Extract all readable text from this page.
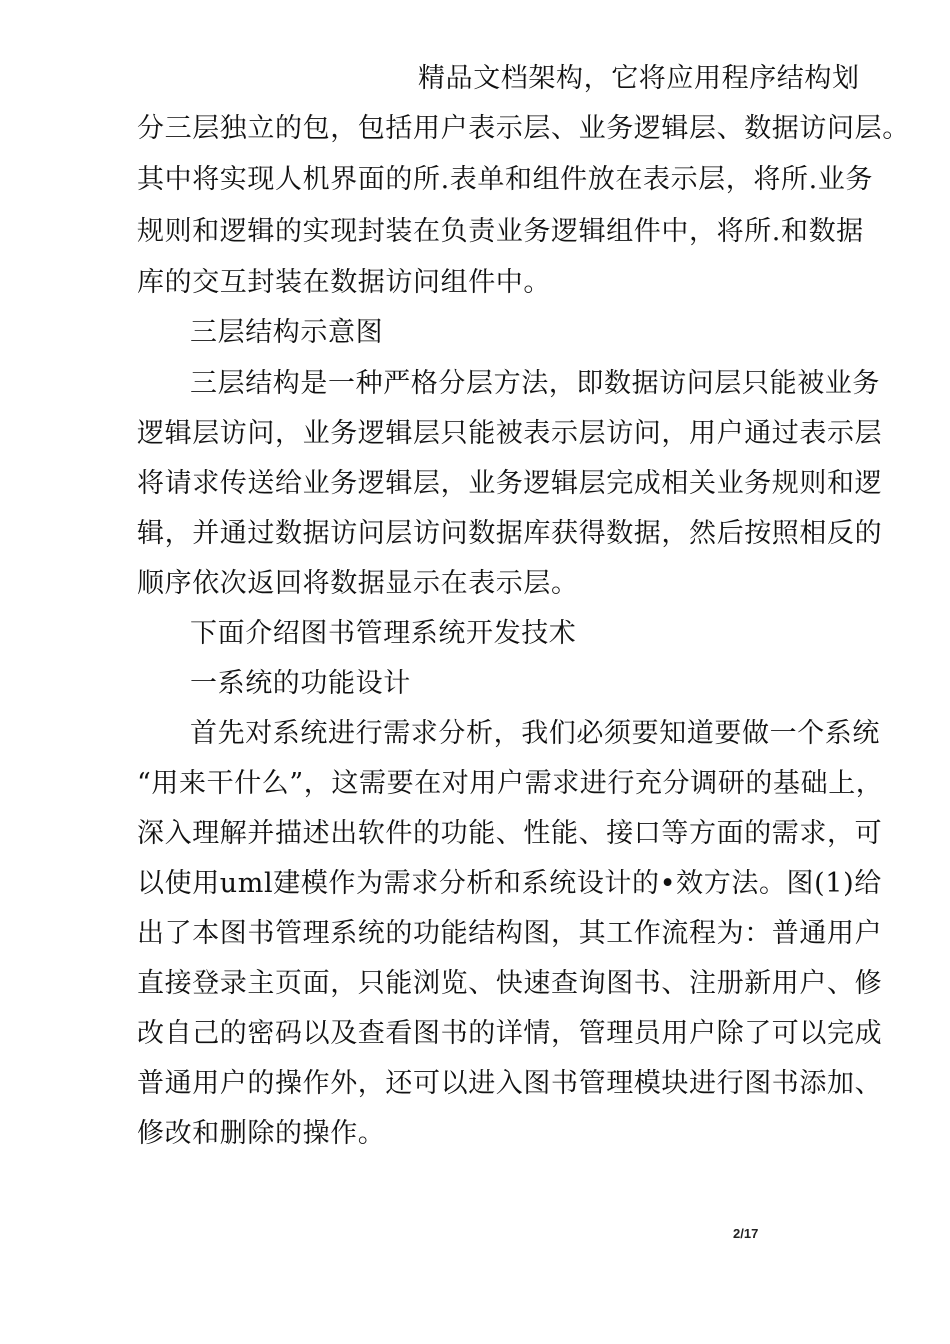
精品文档架构，它将应用程序结构划
分三层独立的包，包括用户表示层、业务逻辑层、数据访问层。
其中将实现人机界面的所.表单和组件放在表示层，将所.业务
规则和逻辑的实现封装在负责业务逻辑组件中，将所.和数据
库的交互封装在数据访问组件中。
三层结构示意图
三层结构是一种严格分层方法，即数据访问层只能被业务
逻辑层访问，业务逻辑层只能被表示层访问，用户通过表示层
将请求传送给业务逻辑层，业务逻辑层完成相关业务规则和逻
辑，并通过数据访问层访问数据库获得数据，然后按照相反的
顺序依次返回将数据显示在表示层。
下面介绍图书管理系统开发技术
一系统的功能设计
首先对系统进行需求分析，我们必须要知道要做一个系统
“用来干什么”，这需要在对用户需求进行充分调研的基础上，
深入理解并描述出软件的功能、性能、接口等方面的需求，可
以使用uml建模作为需求分析和系统设计的•效方法。图(1)给
出了本图书管理系统的功能结构图，其工作流程为：普通用户
直接登录主页面，只能浏览、快速查询图书、注册新用户、修
改自己的密码以及查看图书的详情，管理员用户除了可以完成
普通用户的操作外，还可以进入图书管理模块进行图书添加、
修改和删除的操作。
2/17
